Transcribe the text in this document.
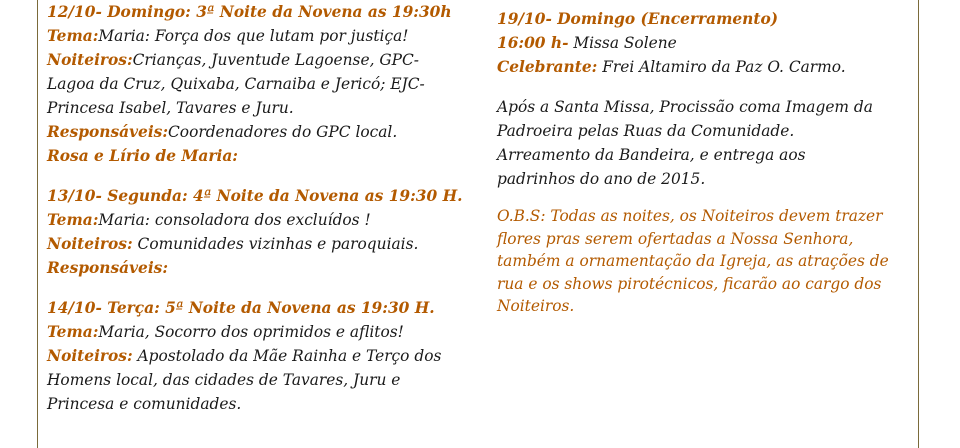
12/10- Domingo: 3ª Noite da Novena as 19:30h
Tema:Maria: Força dos que lutam por justiça!
Noiteiros:Crianças, Juventude Lagoense, GPC-
Lagoa da Cruz, Quixaba, Carnaiba e Jericó; EJC-
Princesa Isabel, Tavares e Juru.
Responsáveis:Coordenadores do GPC local.
Rosa e Lírio de Maria:
13/10- Segunda: 4ª Noite da Novena as 19:30 H.
Tema:Maria: consoladora dos excluídos !
Noiteiros: Comunidades vizinhas e paroquiais.
Responsáveis:
14/10- Terça: 5ª Noite da Novena as 19:30 H.
Tema:Maria, Socorro dos oprimidos e aflitos!
Noiteiros: Apostolado da Mãe Rainha e Terço dos
Homens local, das cidades de Tavares, Juru e
Princesa e comunidades.
19/10- Domingo (Encerramento)
16:00 h- Missa Solene
Celebrante: Frei Altamiro da Paz O. Carmo.
Após a Santa Missa, Procissão coma Imagem da
Padroeira pelas Ruas da Comunidade.
Arreamento da Bandeira, e entrega aos
padrinhos do ano de 2015.
O.B.S: Todas as noites, os Noiteiros devem trazer
flores pras serem ofertadas a Nossa Senhora,
também a ornamentação da Igreja, as atrações de
rua e os shows pirotécnicos, ficarão ao cargo dos
Noiteiros.
